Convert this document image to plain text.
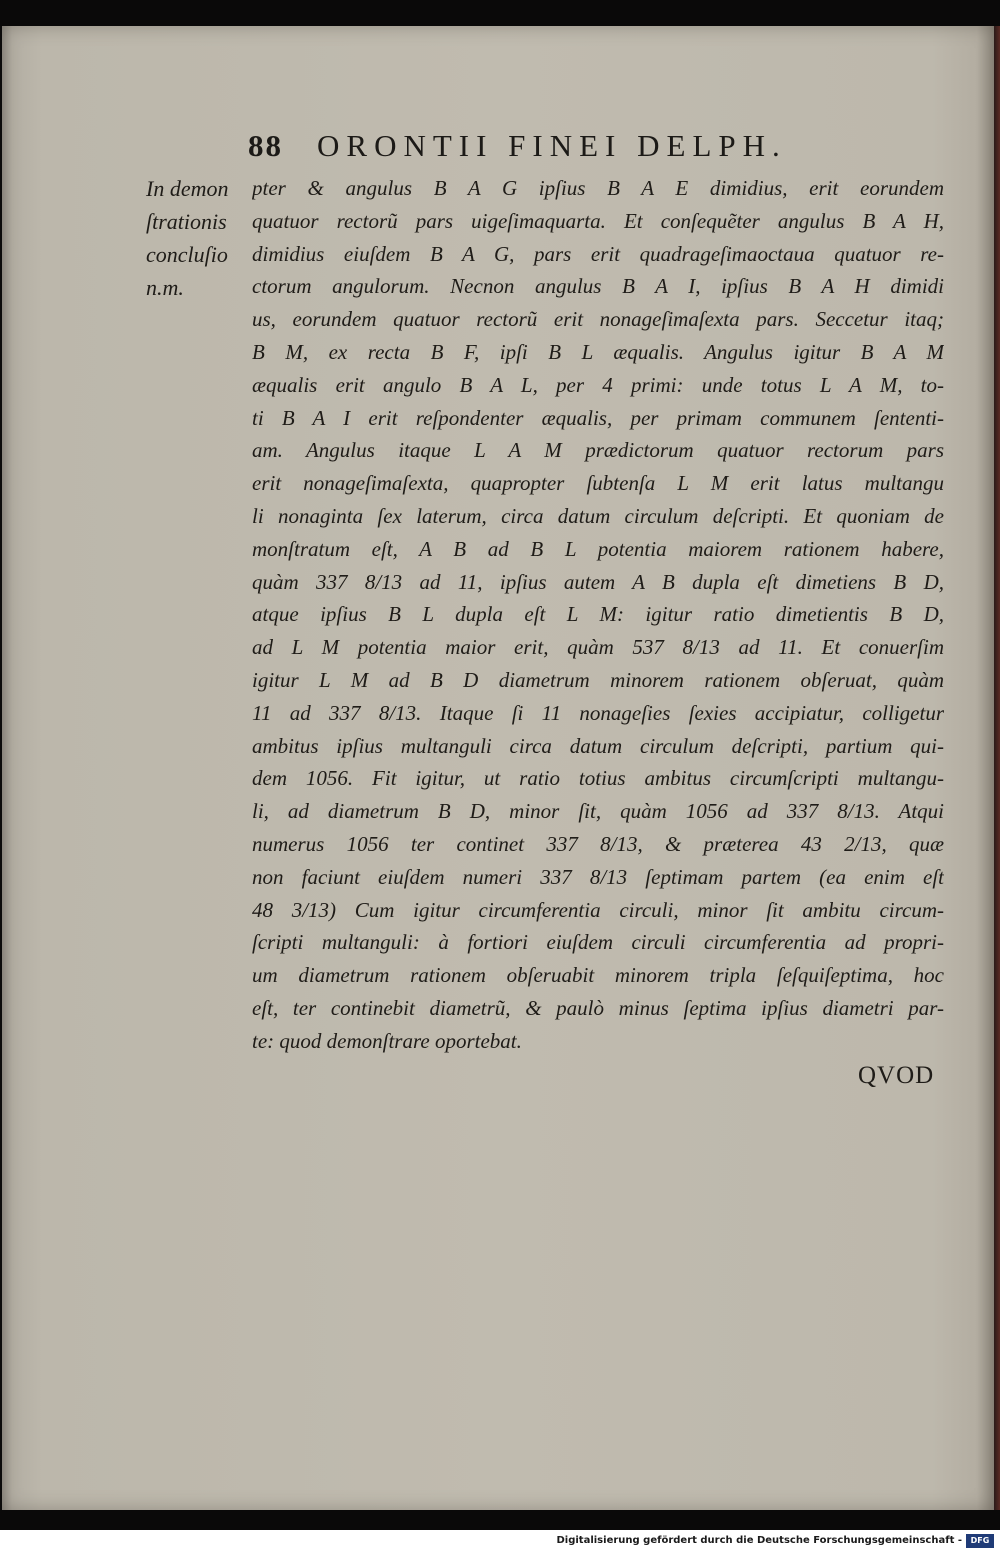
88 ORONTII FINEI DELPH.
In demon
ſtrationis
concluſio
n.m.
pter & angulus B A G ipſius B A E dimidius, erit eorundem
quatuor rectorũ pars uigeſimaquarta. Et conſequẽter angulus B A H,
dimidius eiuſdem B A G, pars erit quadrageſimaoctaua quatuor re-
ctorum angulorum. Necnon angulus B A I, ipſius B A H dimidi
us, eorundem quatuor rectorũ erit nonageſimaſexta pars. Seccetur itaq;
B M, ex recta B F, ipſi B L æqualis. Angulus igitur B A M
æqualis erit angulo B A L, per 4 primi: unde totus L A M, to-
ti B A I erit reſpondenter æqualis, per primam communem ſententi-
am. Angulus itaque L A M prædictorum quatuor rectorum pars
erit nonageſimaſexta, quapropter ſubtenſa L M erit latus multangu
li nonaginta ſex laterum, circa datum circulum deſcripti. Et quoniam de
monſtratum eſt, A B ad B L potentia maiorem rationem habere,
quàm 337 8/13 ad 11, ipſius autem A B dupla eſt dimetiens B D,
atque ipſius B L dupla eſt L M: igitur ratio dimetientis B D,
ad L M potentia maior erit, quàm 537 8/13 ad 11. Et conuerſim
igitur L M ad B D diametrum minorem rationem obſeruat, quàm
11 ad 337 8/13. Itaque ſi 11 nonageſies ſexies accipiatur, colligetur
ambitus ipſius multanguli circa datum circulum deſcripti, partium qui-
dem 1056. Fit igitur, ut ratio totius ambitus circumſcripti multangu-
li, ad diametrum B D, minor ſit, quàm 1056 ad 337 8/13. Atqui
numerus 1056 ter continet 337 8/13, & præterea 43 2/13, quæ
non faciunt eiuſdem numeri 337 8/13 ſeptimam partem (ea enim eſt
48 3/13) Cum igitur circumferentia circuli, minor ſit ambitu circum-
ſcripti multanguli: à fortiori eiuſdem circuli circumferentia ad propri-
um diametrum rationem obſeruabit minorem tripla ſeſquiſeptima, hoc
eſt, ter continebit diametrũ, & paulò minus ſeptima ipſius diametri par-
te: quod demonſtrare oportebat.
QVOD
Digitalisierung gefördert durch die Deutsche Forschungsgemeinschaft -	DFG
